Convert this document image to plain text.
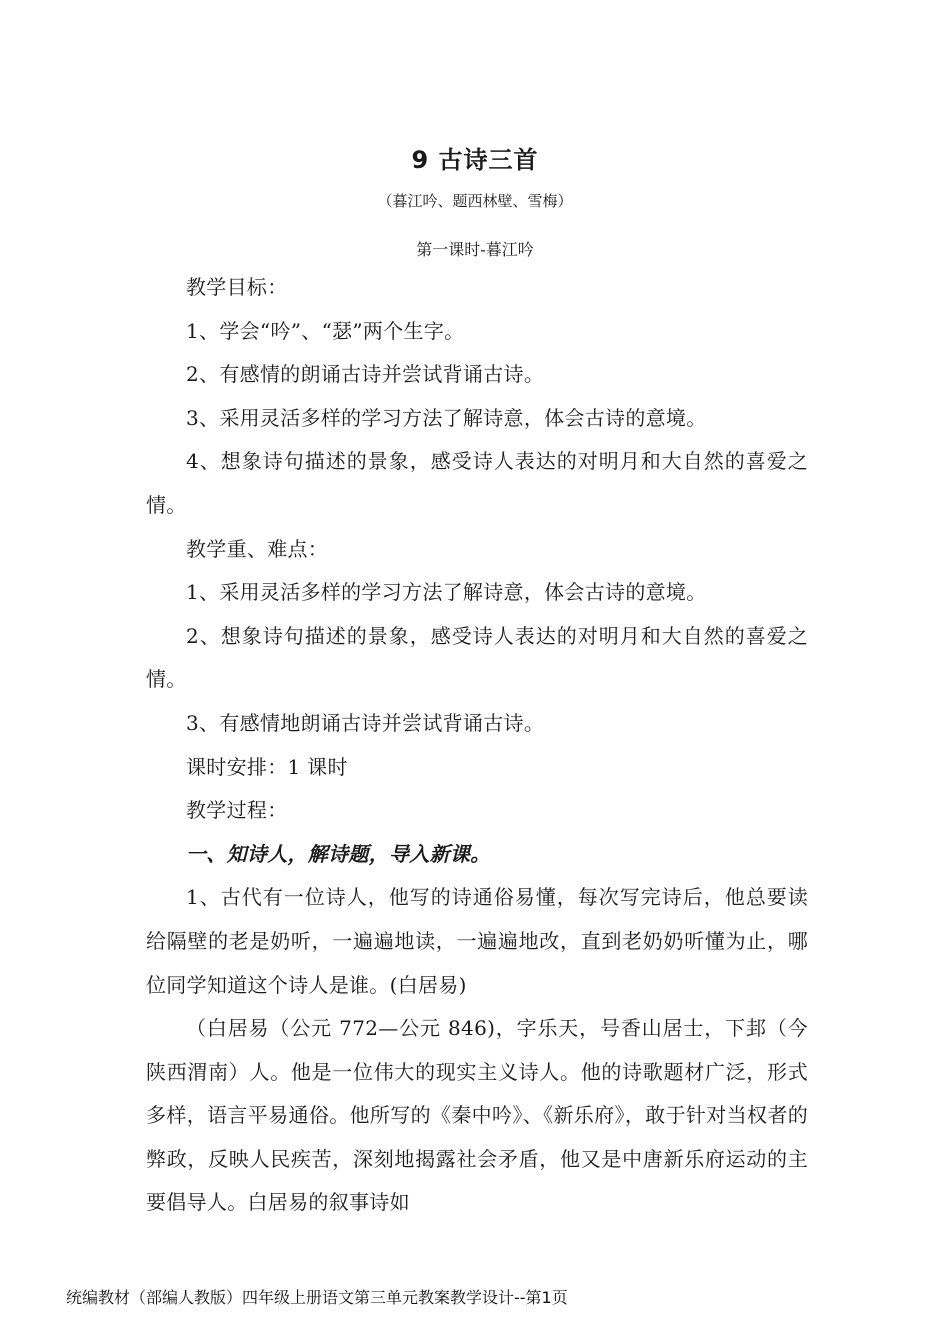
9 古诗三首
（暮江吟、题西林壁、雪梅）
第一课时-暮江吟

教学目标：

1、学会“吟”、“瑟”两个生字。

2、有感情的朗诵古诗并尝试背诵古诗。

3、采用灵活多样的学习方法了解诗意，体会古诗的意境。

4、想象诗句描述的景象，感受诗人表达的对明月和大自然的喜爱之情。

教学重、难点：

1、采用灵活多样的学习方法了解诗意，体会古诗的意境。

2、想象诗句描述的景象，感受诗人表达的对明月和大自然的喜爱之情。

3、有感情地朗诵古诗并尝试背诵古诗。

课时安排：1 课时

教学过程：

一、知诗人，解诗题，导入新课。

1、古代有一位诗人，他写的诗通俗易懂，每次写完诗后，他总要读给隔壁的老是奶听，一遍遍地读，一遍遍地改，直到老奶奶听懂为止，哪位同学知道这个诗人是谁。(白居易)

（白居易（公元 772—公元 846)，字乐天，号香山居士，下邽（今陕西渭南）人。他是一位伟大的现实主义诗人。他的诗歌题材广泛，形式多样，语言平易通俗。他所写的《秦中吟》、《新乐府》，敢于针对当权者的弊政，反映人民疾苦，深刻地揭露社会矛盾，他又是中唐新乐府运动的主要倡导人。白居易的叙事诗如

统编教材（部编人教版）四年级上册语文第三单元教案教学设计--第1页
